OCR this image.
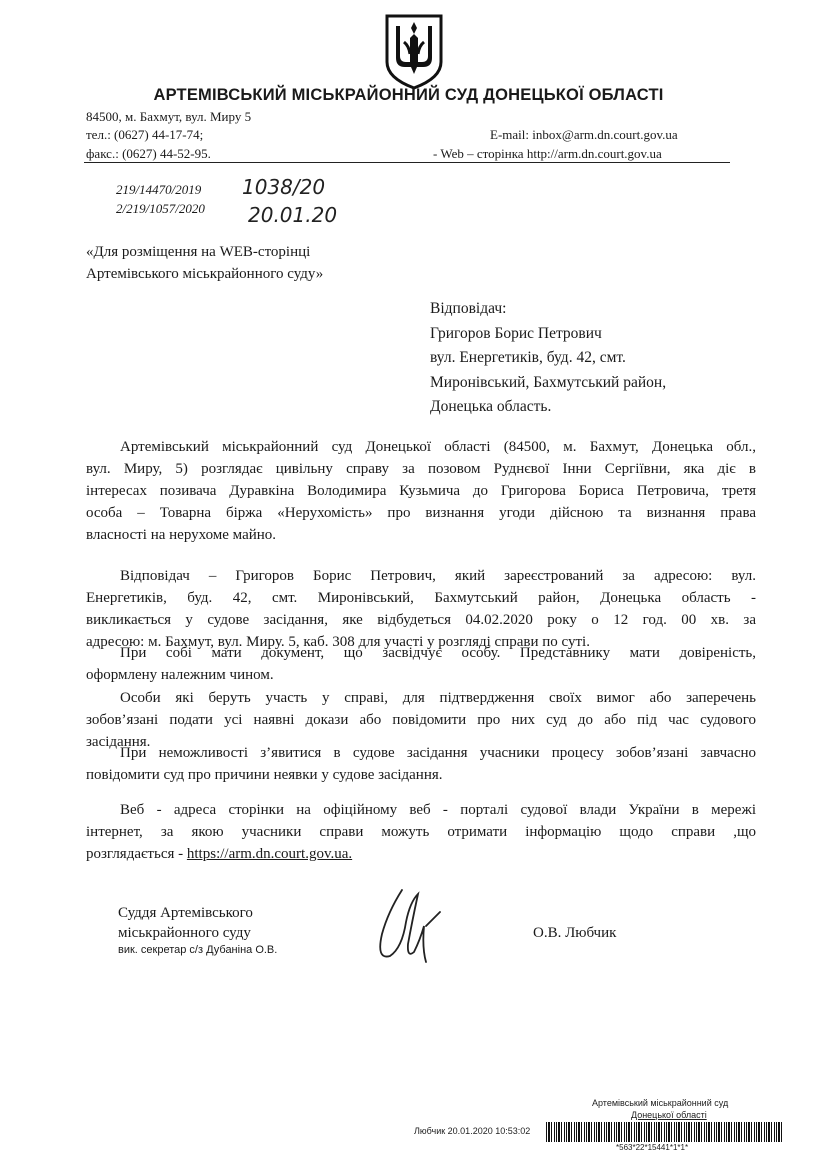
АРТЕМІВСЬКИЙ МІСЬКРАЙОННИЙ СУД ДОНЕЦЬКОЇ ОБЛАСТІ
84500, м. Бахмут, вул. Миру 5
тел.: (0627) 44-17-74;	E-mail: inbox@arm.dn.court.gov.ua
факс.: (0627) 44-52-95.	- Web – сторінка http://arm.dn.court.gov.ua
219/14470/2019
2/219/1057/2020
1038/20
20.01.20
«Для розміщення на WEB-сторінці
Артемівського міськрайонного суду»
Відповідач:
Григоров Борис Петрович
вул. Енергетиків, буд. 42, смт.
Миронівський, Бахмутський район,
Донецька область.
Артемівський міськрайонний суд Донецької області (84500, м. Бахмут, Донецька обл.,
вул. Миру, 5) розглядає цивільну справу за позовом Руднєвої Інни Сергіївни, яка діє в
інтересах позивача Дуравкіна Володимира Кузьмича до Григорова Бориса Петровича, третя
особа – Товарна біржа «Нерухомість» про визнання угоди дійсною та визнання права
власності на нерухоме майно.
Відповідач – Григоров Борис Петрович, який зареєстрований за адресою: вул.
Енергетиків, буд. 42, смт. Миронівський, Бахмутський район, Донецька область -
викликається у судове засідання, яке відбудеться 04.02.2020 року о 12 год. 00 хв. за
адресою: м. Бахмут, вул. Миру. 5, каб. 308 для участі у розгляді справи по суті.
При собі мати документ, що засвідчує особу. Представнику мати довіреність,
оформлену належним чином.
Особи які беруть участь у справі, для підтвердження своїх вимог або заперечень
зобов’язані подати усі наявні докази або повідомити про них суд до або під час судового
засідання.
При неможливості з’явитися в судове засідання учасники процесу зобов’язані завчасно
повідомити суд про причини неявки у судове засідання.
Веб - адреса сторінки на офіційному веб - порталі судової влади України в мережі
інтернет, за якою учасники справи можуть отримати інформацію щодо справи ,що
розглядається - https://arm.dn.court.gov.ua.
Суддя Артемівського
міськрайонного суду
вик. секретар с/з Дубаніна О.В.
О.В. Любчик
Артемівський міськрайонний суд
Донецької області
Любчик 20.01.2020 10:53:02
*563*22*15441*1*1*
